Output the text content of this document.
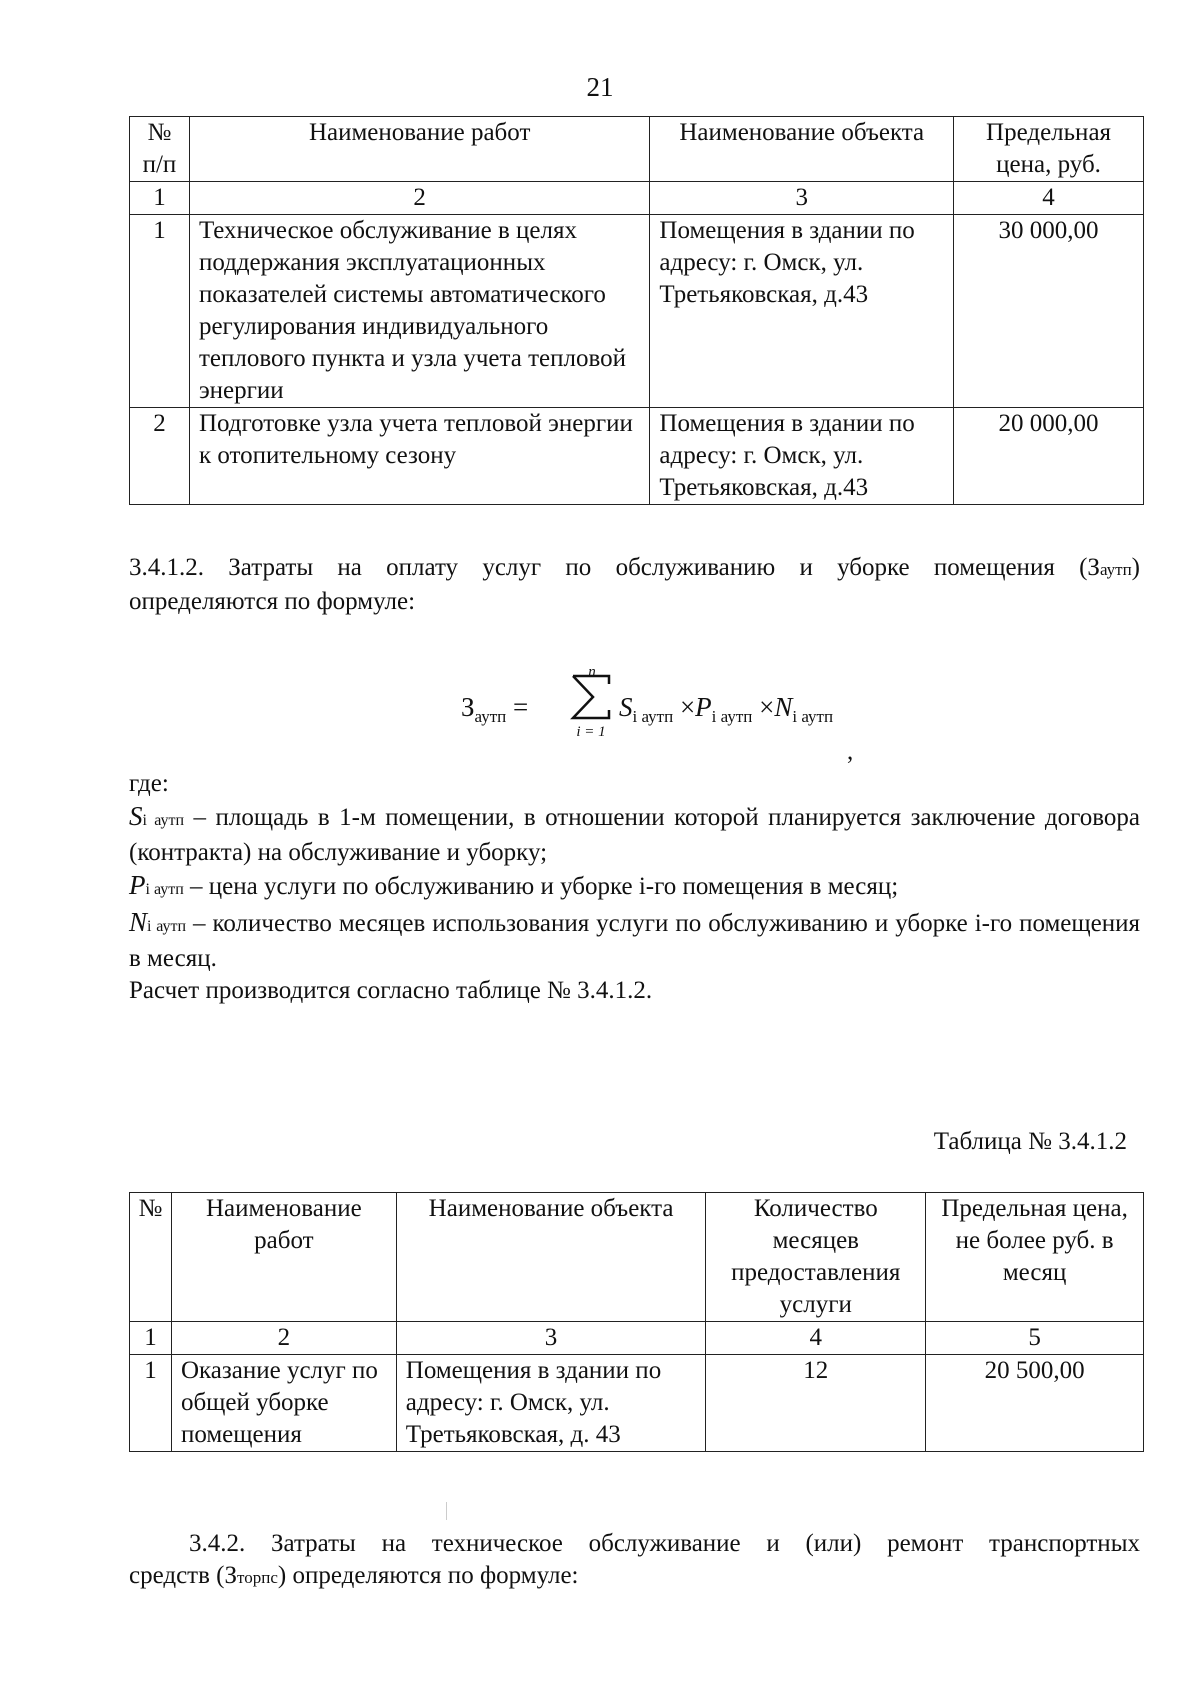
21
№ п/п	Наименование работ	Наименование объекта	Предельная цена, руб.
1	2	3	4
1	Техническое обслуживание в целях поддержания эксплуатационных показателей системы автоматического регулирования индивидуального теплового пункта и узла учета тепловой энергии	Помещения в здании по адресу: г. Омск, ул. Третьяковская, д.43	30 000,00
2	Подготовке узла учета тепловой энергии к отопительному сезону	Помещения в здании по адресу: г. Омск, ул. Третьяковская, д.43	20 000,00

3.4.1.2. Затраты на оплату услуг по обслуживанию и уборке помещения (Заутп)

определяются по формуле:

$З_{аутп}$ =
n
i = 1
$S_{i аутп} \times P_{i аутп} \times N_{i аутп}$
,

где:

Si аутп – площадь в 1-м помещении, в отношении которой планируется заключение договора (контракта) на обслуживание и уборку;

Pi аутп – цена услуги по обслуживанию и уборке i-го помещения в месяц;

Ni аутп – количество месяцев использования услуги по обслуживанию и уборке i-го помещения в месяц.

Расчет производится согласно таблице № 3.4.1.2.

Таблица № 3.4.1.2
№	Наименование работ	Наименование объекта	Количество месяцев предоставления услуги	Предельная цена, не более руб. в месяц
1	2	3	4	5
1	Оказание услуг по общей уборке помещения	Помещения в здании по адресу: г. Омск, ул. Третьяковская, д. 43	12	20 500,00

3.4.2. Затраты на техническое обслуживание и (или) ремонт транспортных

средств (Зторпс) определяются по формуле:
